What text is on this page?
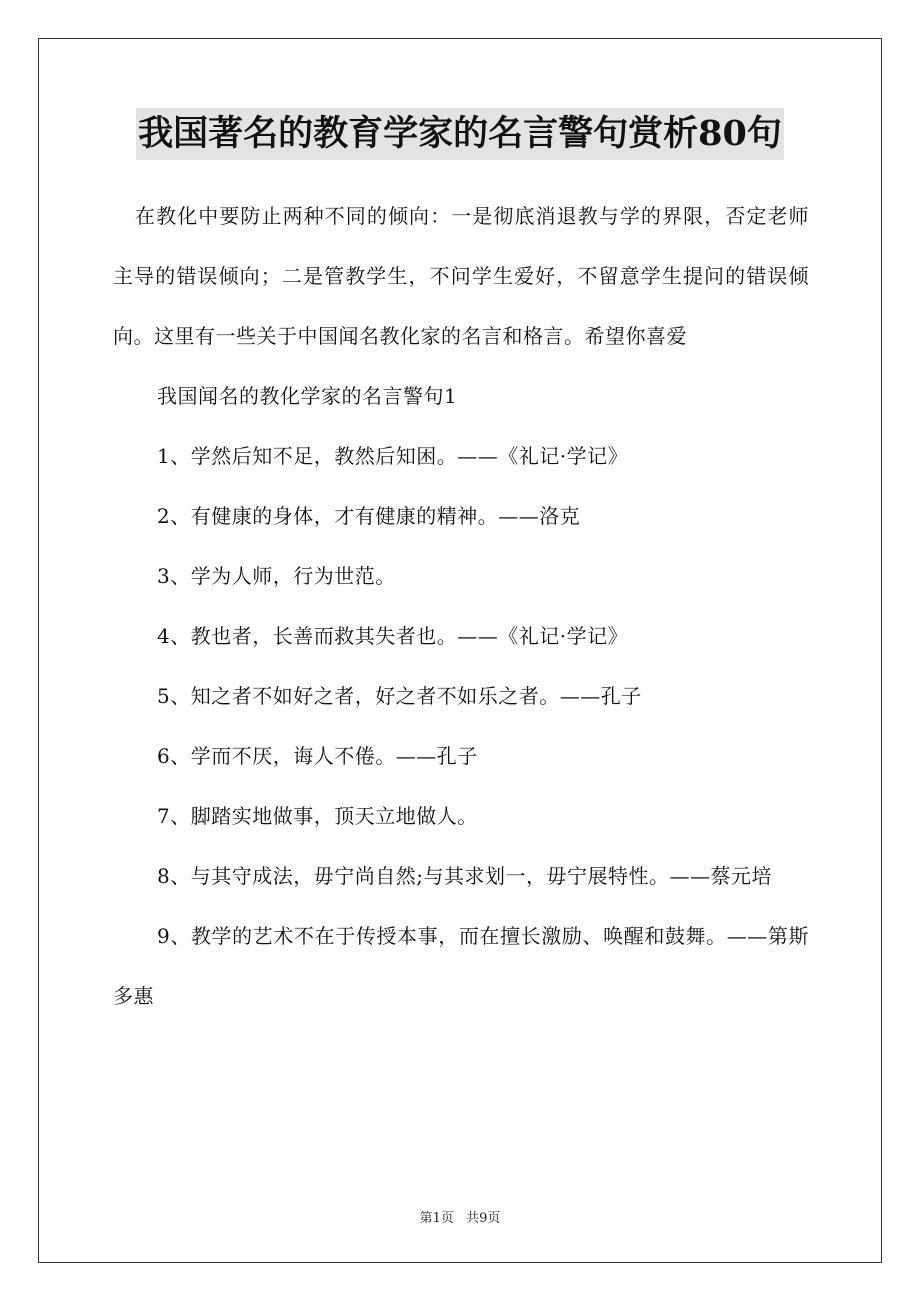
我国著名的教育学家的名言警句赏析80句

在教化中要防止两种不同的倾向：一是彻底消退教与学的界限，否定老师主导的错误倾向；二是管教学生，不问学生爱好，不留意学生提问的错误倾向。这里有一些关于中国闻名教化家的名言和格言。希望你喜爱

我国闻名的教化学家的名言警句1

1、学然后知不足，教然后知困。——《礼记·学记》

2、有健康的身体，才有健康的精神。——洛克

3、学为人师，行为世范。

4、教也者，长善而救其失者也。——《礼记·学记》

5、知之者不如好之者，好之者不如乐之者。——孔子

6、学而不厌，诲人不倦。——孔子

7、脚踏实地做事，顶天立地做人。

8、与其守成法，毋宁尚自然;与其求划一，毋宁展特性。——蔡元培

9、教学的艺术不在于传授本事，而在擅长激励、唤醒和鼓舞。——第斯多惠

第1页 共9页
